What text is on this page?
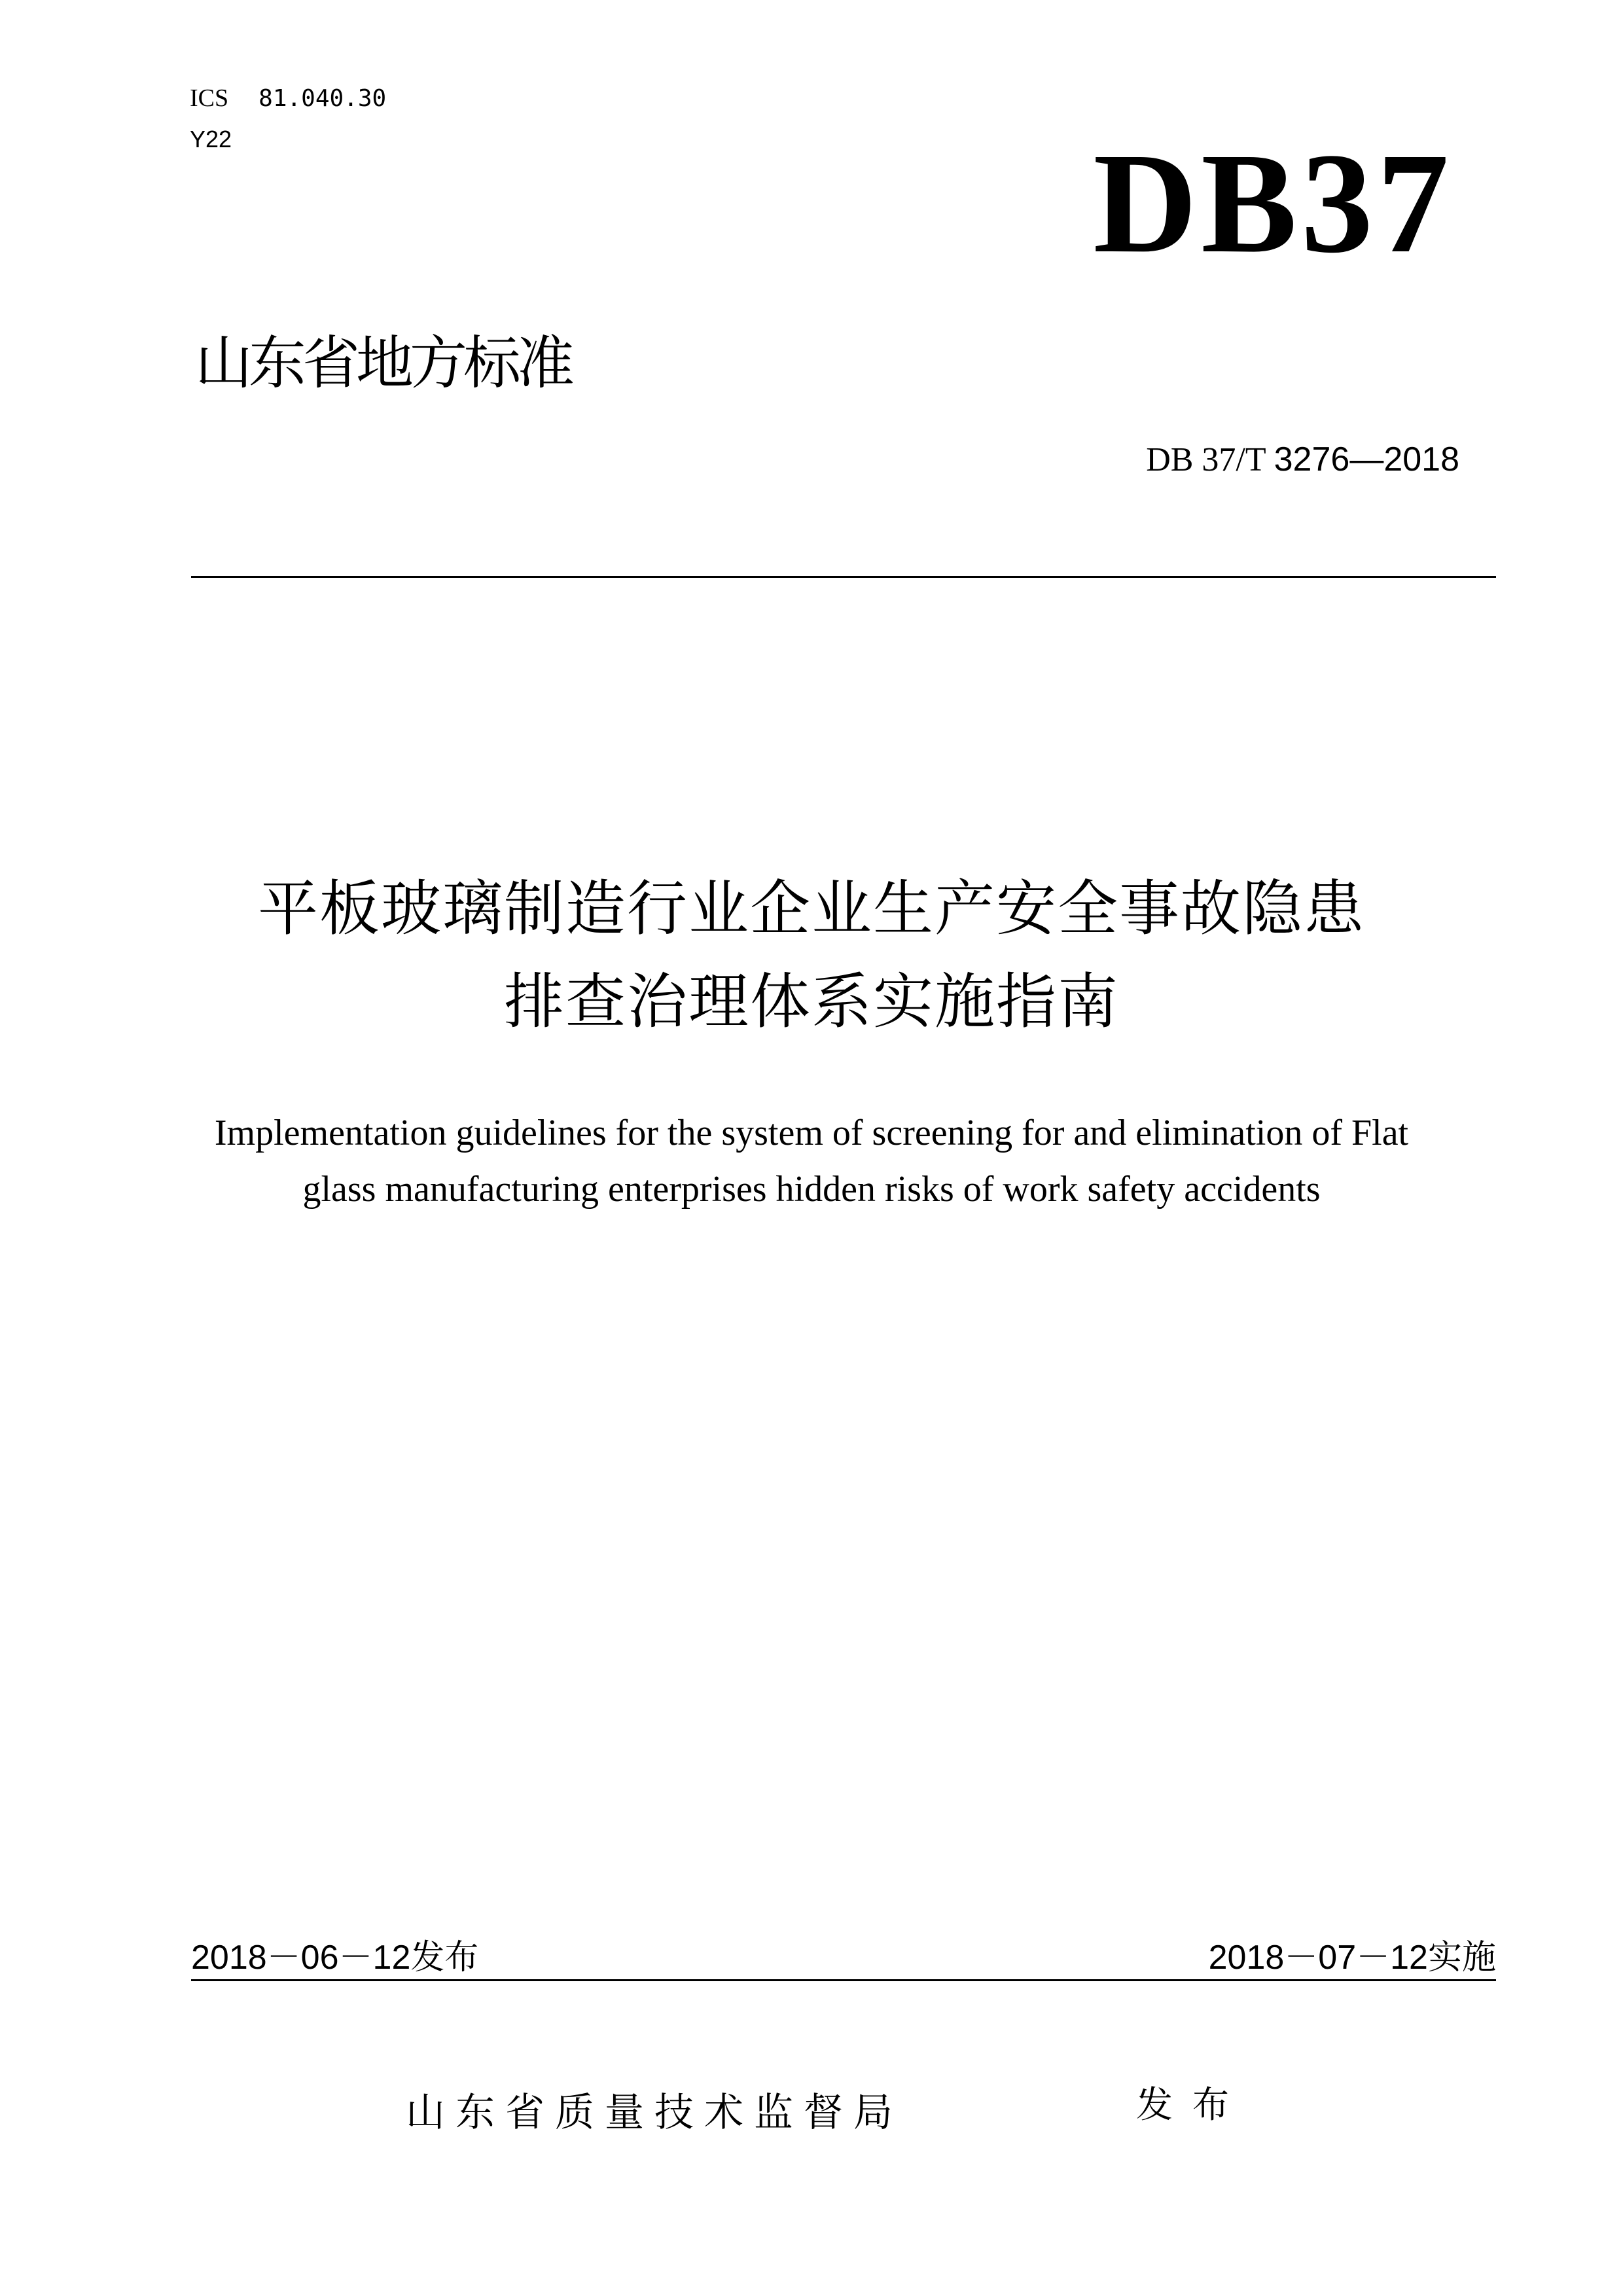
ICS 81.040.30
Y22	DB37
山东省地方标准
DB 37/T 3276—2018
平板玻璃制造行业企业生产安全事故隐患
排查治理体系实施指南
Implementation guidelines for the system of screening for and elimination of Flat
glass manufacturing enterprises hidden risks of work safety accidents
2018－06－12发布	2018－07－12实施
山东省质量技术监督局	发布
